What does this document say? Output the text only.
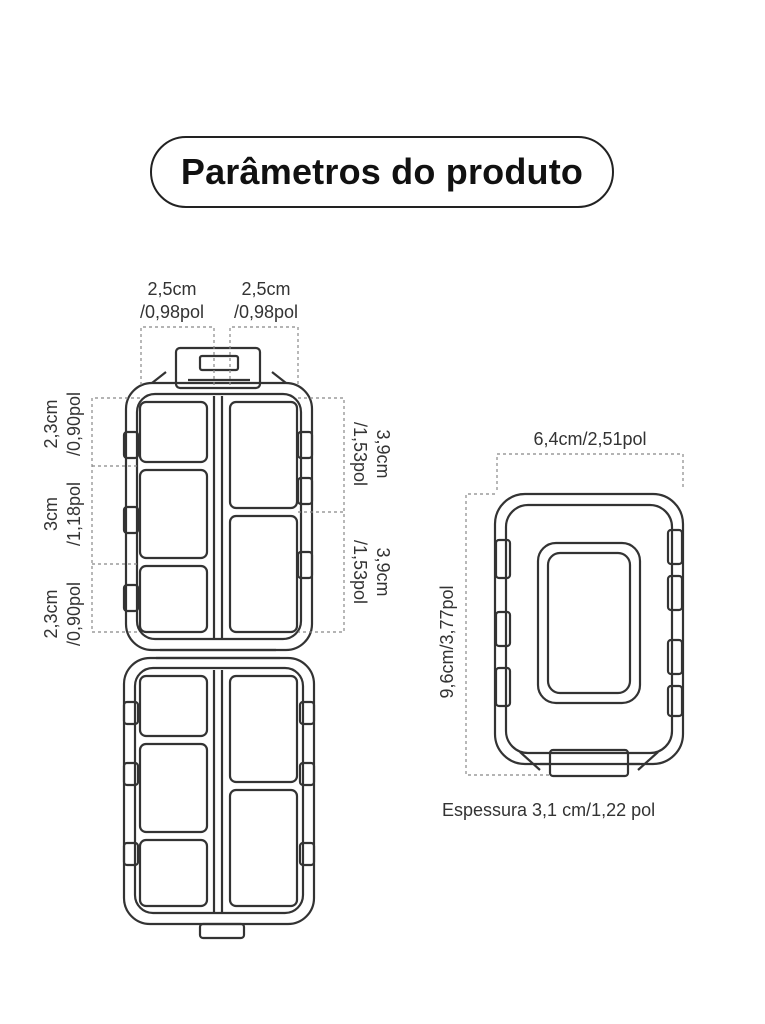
Parâmetros do produto
2,5cm
/0,98pol
2,5cm
/0,98pol
2,3cm /0,90pol
3cm /1,18pol
2,3cm /0,90pol
3,9cm
/1,53pol
3,9cm
/1,53pol
6,4cm/2,51pol
9,6cm/3,77pol
Espessura 3,1 cm/1,22 pol
